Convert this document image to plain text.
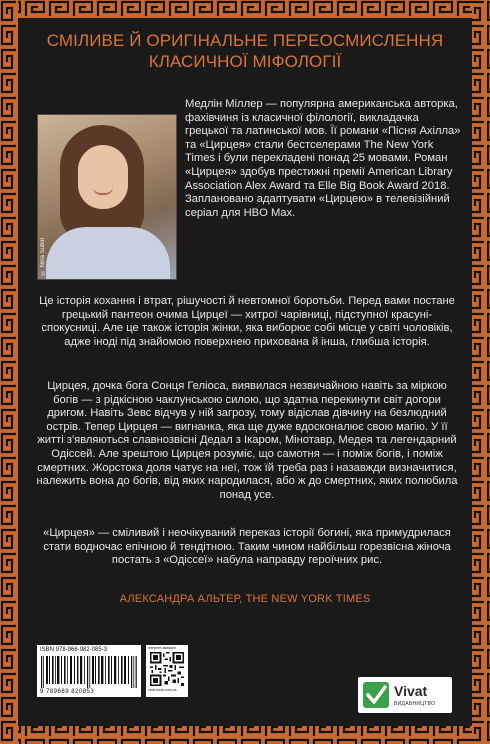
СМІЛИВЕ Й ОРИГІНАЛЬНЕ ПЕРЕОСМИСЛЕННЯ
КЛАСИЧНОЇ МІФОЛОГІЇ
© Nina Subin
Медлін Міллер — популярна американська авторка, фахівчиня із класичної філології, викладачка грецької та латинської мов. Її романи «Пісня Ахілла» та «Цирцея» стали бестселерами The New York Times і були перекладені понад 25 мовами. Роман «Цирцея» здобув престижні премії American Library Association Alex Award та Elle Big Book Award 2018. Заплановано адаптувати «Цирцею» в телевізійний серіал для HBO Max.
Це історія кохання і втрат, рішучості й невтомної боротьби. Перед вами постане грецький пантеон очима Цирцеї — хитрої чарівниці, підступної красуні-спокусниці. Але це також історія жінки, яка виборює собі місце у світі чоловіків, адже іноді під знайомою поверхнею прихована й інша, глибша історія.
Цирцея, дочка бога Сонця Геліоса, виявилася незвичайною навіть за міркою богів — з рідкісною чаклунською силою, що здатна перекинути світ догори дригом. Навіть Зевс відчув у ній загрозу, тому відіслав дівчину на безлюдний острів. Тепер Цирцея — вигнанка, яка ще дуже вдосконалює свою магію. У її житті з'являються славнозвісні Дедал з Ікаром, Мінотавр, Медея та легендарний Одіссей. Але зрештою Цирцея розуміє, що самотня — і поміж богів, і поміж смертних. Жорстока доля чатує на неї, тож їй треба раз і назавжди визначитися, належить вона до богів, від яких народилася, або ж до смертних, яких полюбила понад усе.
«Цирцея» — сміливий і неочікуваний переказ історії богині, яка примудрилася стати водночас епічною й тендітною. Таким чином найбільш горезвісна жіноча постать з «Одіссеї» набула направду героїчних рис.
АЛЕКСАНДРА АЛЬТЕР, THE NEW YORK TIMES
ISBN 978-966-982-085-3
9 789669 820853
інтернет-магазин
vivat-book.com.ua	Vivat
ВИДАВНИЦТВО
